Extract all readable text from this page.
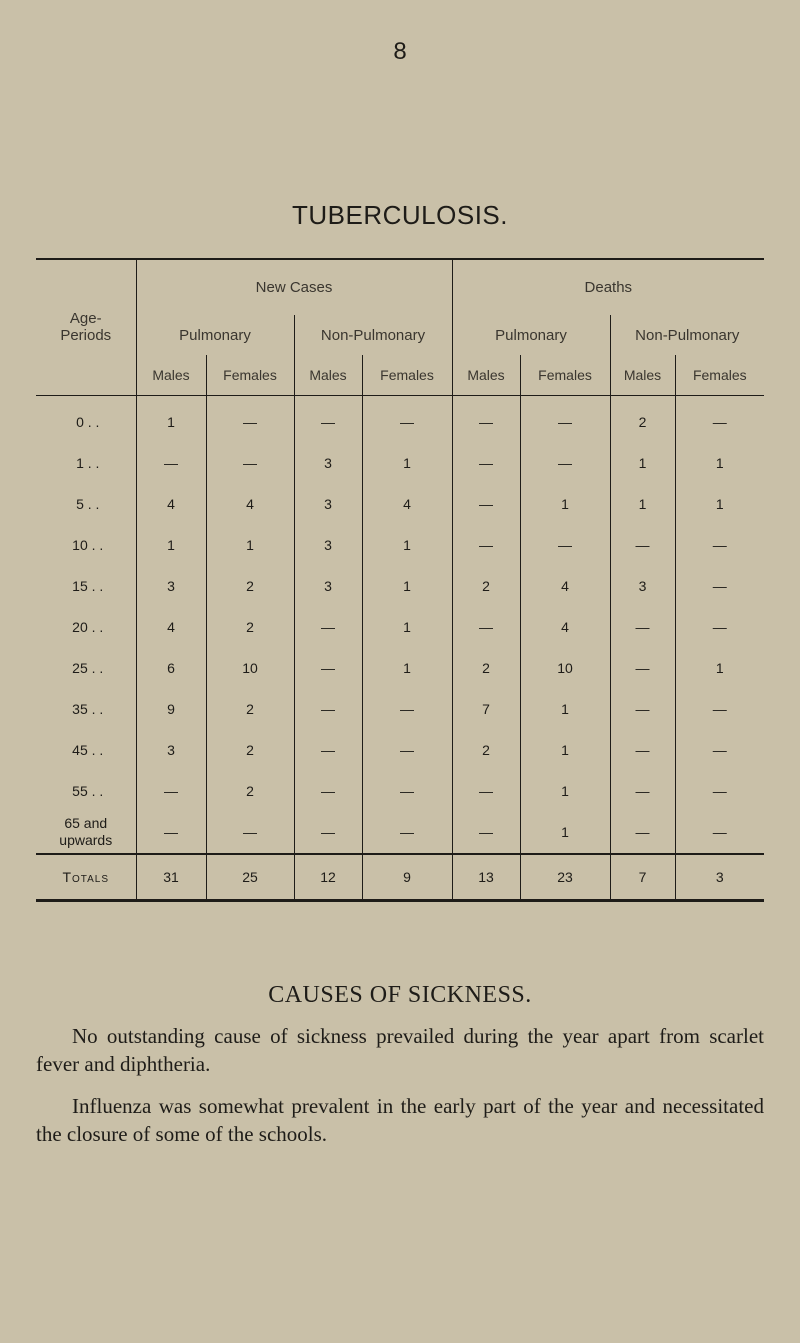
8
TUBERCULOSIS.
Age-
Periods	New Cases				Deaths			
	Pulmonary		Non-Pulmonary		Pulmonary		Non-Pulmonary	
	Males	Females	Males	Females	Males	Females	Males	Females
0 . .	1	—	—	—	—	—	2	—
1 . .	—	—	3	1	—	—	1	1
5 . .	4	4	3	4	—	1	1	1
10 . .	1	1	3	1	—	—	—	—
15 . .	3	2	3	1	2	4	3	—
20 . .	4	2	—	1	—	4	—	—
25 . .	6	10	—	1	2	10	—	1
35 . .	9	2	—	—	7	1	—	—
45 . .	3	2	—	—	2	1	—	—
55 . .	—	2	—	—	—	1	—	—
65 and
upwards	—	—	—	—	—	1	—	—
Totals	31	25	12	9	13	23	7	3
CAUSES OF SICKNESS.

No outstanding cause of sickness prevailed during the year apart from scarlet fever and diphtheria.

Influenza was somewhat prevalent in the early part of the year and necessitated the closure of some of the schools.
